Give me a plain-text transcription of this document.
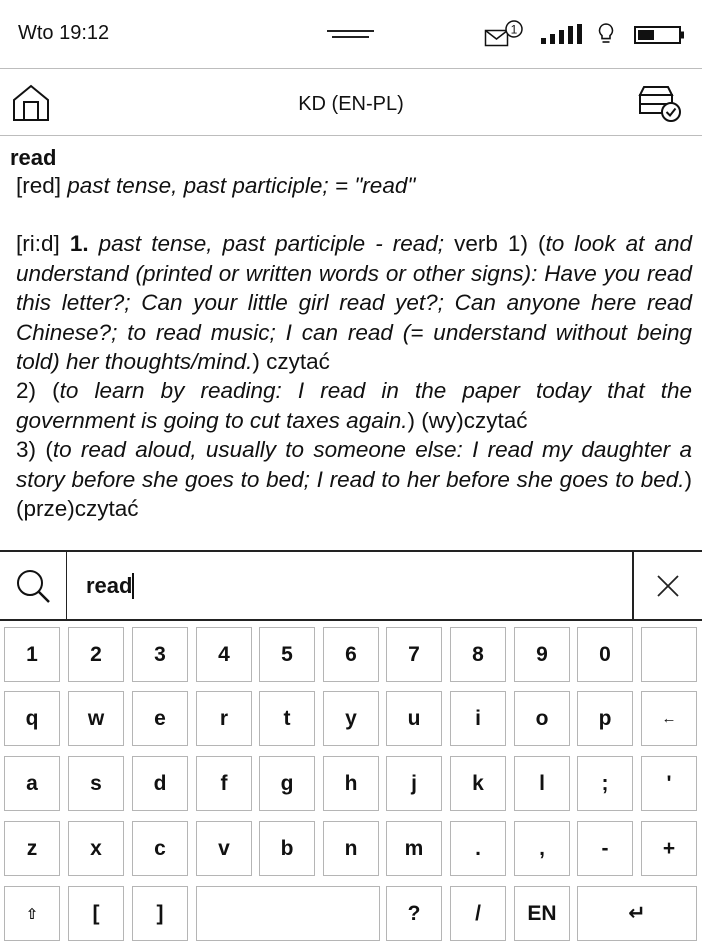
Wto 19:12	1
KD (EN-PL)
read
[red] past tense, past participle; = "read"
[ri:d] 1. past tense, past participle - read; verb 1) (to look at and understand (printed or written words or other signs): Have you read this letter?; Can your little girl read yet?; Can anyone here read Chinese?; to read music; I can read (= understand without being told) her thoughts/mind.) czytać
2) (to learn by reading: I read in the paper today that the government is going to cut taxes again.) (wy)czytać
3) (to read aloud, usually to someone else: I read my daughter a story before she goes to bed; I read to her before she goes to bed.) (prze)czytać
read
1	2	3	4	5	6	7	8	9	0
q	w	e	r	t	y	u	i	o	p	←
a	s	d	f	g	h	j	k	l	;	'
z	x	c	v	b	n	m	.	,	-	+
⇧	[	]	?	/	EN	↵
